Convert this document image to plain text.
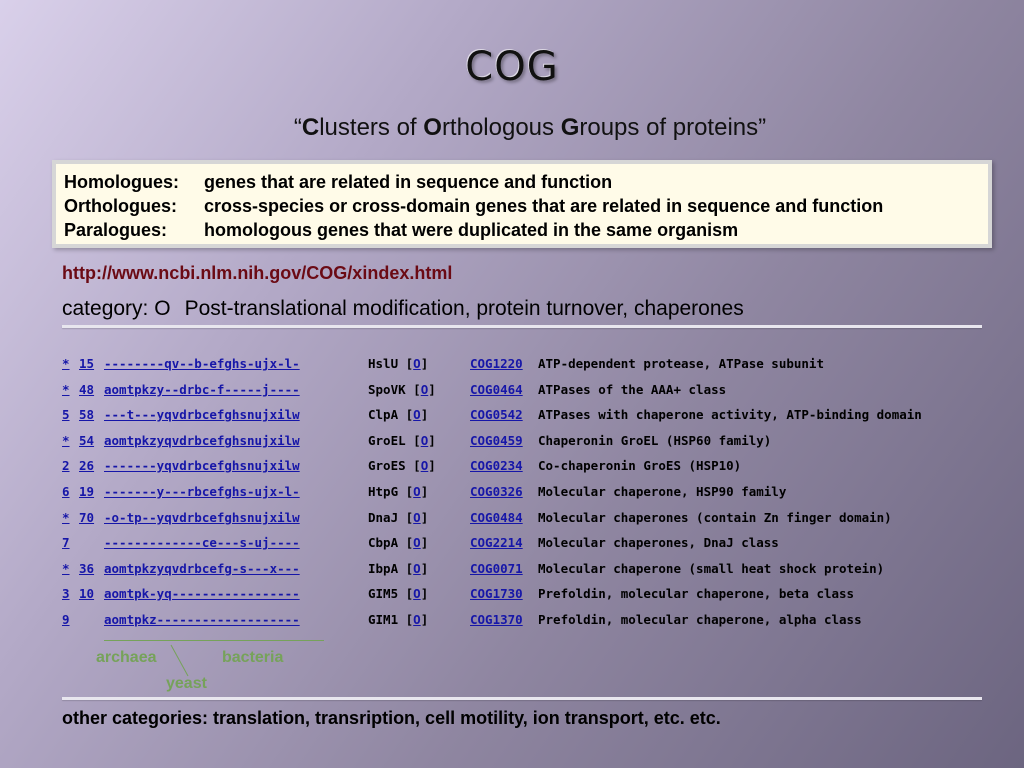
COG
“Clusters of Orthologous Groups of proteins”
Homologues: genes that are related in sequence and function
Orthologues: cross-species or cross-domain genes that are related in sequence and function
Paralogues: homologous genes that were duplicated in the same organism
http://www.ncbi.nlm.nih.gov/COG/xindex.html
category: O Post-translational modification, protein turnover, chaperones
* 15 --------qv--b-efghs-ujx-l-	HslU [O]	COG1220 ATP-dependent protease, ATPase subunit
* 48 aomtpkzy--drbc-f-----j----	SpoVK [O]	COG0464 ATPases of the AAA+ class
5 58 ---t---yqvdrbcefghsnujxilw	ClpA [O]	COG0542 ATPases with chaperone activity, ATP-binding domain
* 54 aomtpkzyqvdrbcefghsnujxilw	GroEL [O]	COG0459 Chaperonin GroEL (HSP60 family)
2 26 -------yqvdrbcefghsnujxilw	GroES [O]	COG0234 Co-chaperonin GroES (HSP10)
6 19 -------y---rbcefghs-ujx-l-	HtpG [O]	COG0326 Molecular chaperone, HSP90 family
* 70 -o-tp--yqvdrbcefghsnujxilw	DnaJ [O]	COG0484 Molecular chaperones (contain Zn finger domain)
7	-------------ce---s-uj----	CbpA [O]	COG2214 Molecular chaperones, DnaJ class
* 36 aomtpkzyqvdrbcefg-s---x---	IbpA [O]	COG0071 Molecular chaperone (small heat shock protein)
3 10 aomtpk-yq-----------------	GIM5 [O]	COG1730 Prefoldin, molecular chaperone, beta class
9	aomtpkz-------------------	GIM1 [O]	COG1370 Prefoldin, molecular chaperone, alpha class
archaea	bacteria
yeast
other categories: translation, transription, cell motility, ion transport, etc. etc.
